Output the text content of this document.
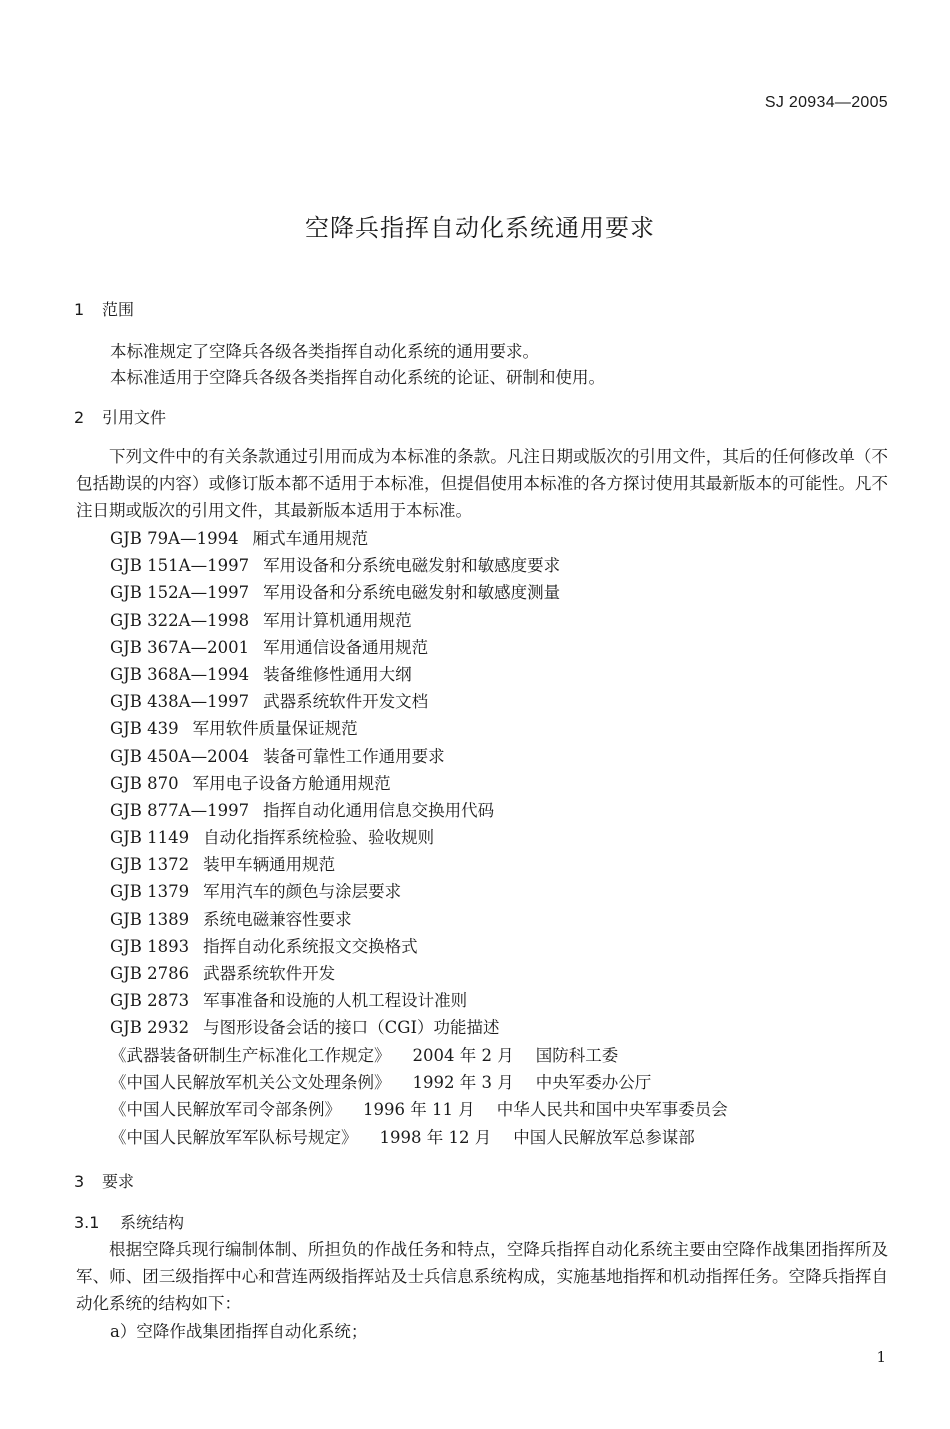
SJ 20934—2005
空降兵指挥自动化系统通用要求
1 范围
本标准规定了空降兵各级各类指挥自动化系统的通用要求。
本标准适用于空降兵各级各类指挥自动化系统的论证、研制和使用。
2 引用文件
下列文件中的有关条款通过引用而成为本标准的条款。凡注日期或版次的引用文件，其后的任何修改单（不包括勘误的内容）或修订版本都不适用于本标准，但提倡使用本标准的各方探讨使用其最新版本的可能性。凡不注日期或版次的引用文件，其最新版本适用于本标准。
GJB 79A—1994 厢式车通用规范
GJB 151A—1997 军用设备和分系统电磁发射和敏感度要求
GJB 152A—1997 军用设备和分系统电磁发射和敏感度测量
GJB 322A—1998 军用计算机通用规范
GJB 367A—2001 军用通信设备通用规范
GJB 368A—1994 装备维修性通用大纲
GJB 438A—1997 武器系统软件开发文档
GJB 439 军用软件质量保证规范
GJB 450A—2004 装备可靠性工作通用要求
GJB 870 军用电子设备方舱通用规范
GJB 877A—1997 指挥自动化通用信息交换用代码
GJB 1149 自动化指挥系统检验、验收规则
GJB 1372 装甲车辆通用规范
GJB 1379 军用汽车的颜色与涂层要求
GJB 1389 系统电磁兼容性要求
GJB 1893 指挥自动化系统报文交换格式
GJB 2786 武器系统软件开发
GJB 2873 军事准备和设施的人机工程设计准则
GJB 2932 与图形设备会话的接口（CGI）功能描述
《武器装备研制生产标准化工作规定》 2004 年 2 月 国防科工委
《中国人民解放军机关公文处理条例》 1992 年 3 月 中央军委办公厅
《中国人民解放军司令部条例》 1996 年 11 月 中华人民共和国中央军事委员会
《中国人民解放军军队标号规定》 1998 年 12 月 中国人民解放军总参谋部
3 要求
3.1 系统结构
根据空降兵现行编制体制、所担负的作战任务和特点，空降兵指挥自动化系统主要由空降作战集团指挥所及军、师、团三级指挥中心和营连两级指挥站及士兵信息系统构成，实施基地指挥和机动指挥任务。空降兵指挥自动化系统的结构如下：
a）空降作战集团指挥自动化系统；
1
